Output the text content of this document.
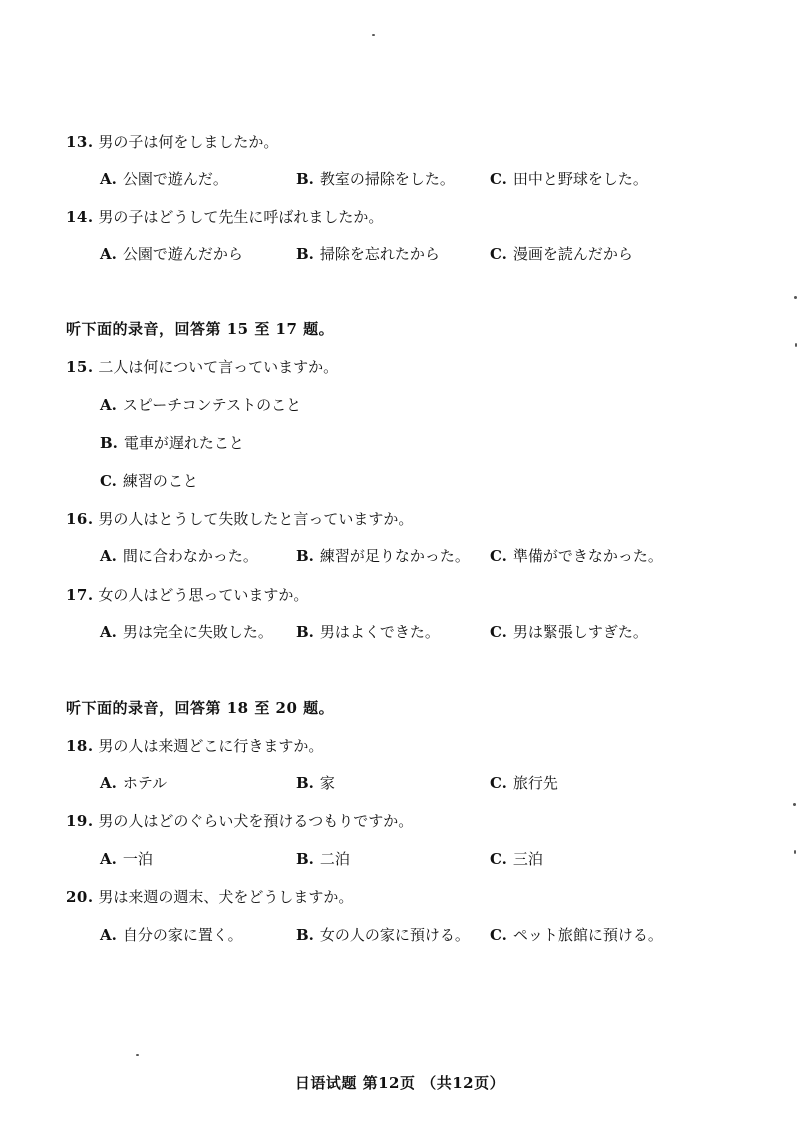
13. 男の子は何をしましたか。
A. 公園で遊んだ。	B. 教室の掃除をした。 C. 田中と野球をした。
14. 男の子はどうして先生に呼ばれましたか。
A. 公園で遊んだから	B. 掃除を忘れたから	C. 漫画を読んだから
听下面的录音，回答第 15 至 17 题。
15. 二人は何について言っていますか。
A. スピーチコンテストのこと
B. 電車が遅れたこと
C. 練習のこと
16. 男の人はとうして失敗したと言っていますか。
A. 間に合わなかった。	B. 練習が足りなかった。 C. 準備ができなかった。
17. 女の人はどう思っていますか。
A. 男は完全に失敗した。 B. 男はよくできた。	C. 男は緊張しすぎた。
听下面的录音，回答第 18 至 20 题。
18. 男の人は来週どこに行きますか。
A. ホテル	B. 家	C. 旅行先
19. 男の人はどのぐらい犬を預けるつもりですか。
A. 一泊	B. 二泊	C. 三泊
20. 男は来週の週末、犬をどうしますか。
A. 自分の家に置く。	B. 女の人の家に預ける。 C. ペット旅館に預ける。
日语试题 第12页 （共12页）
